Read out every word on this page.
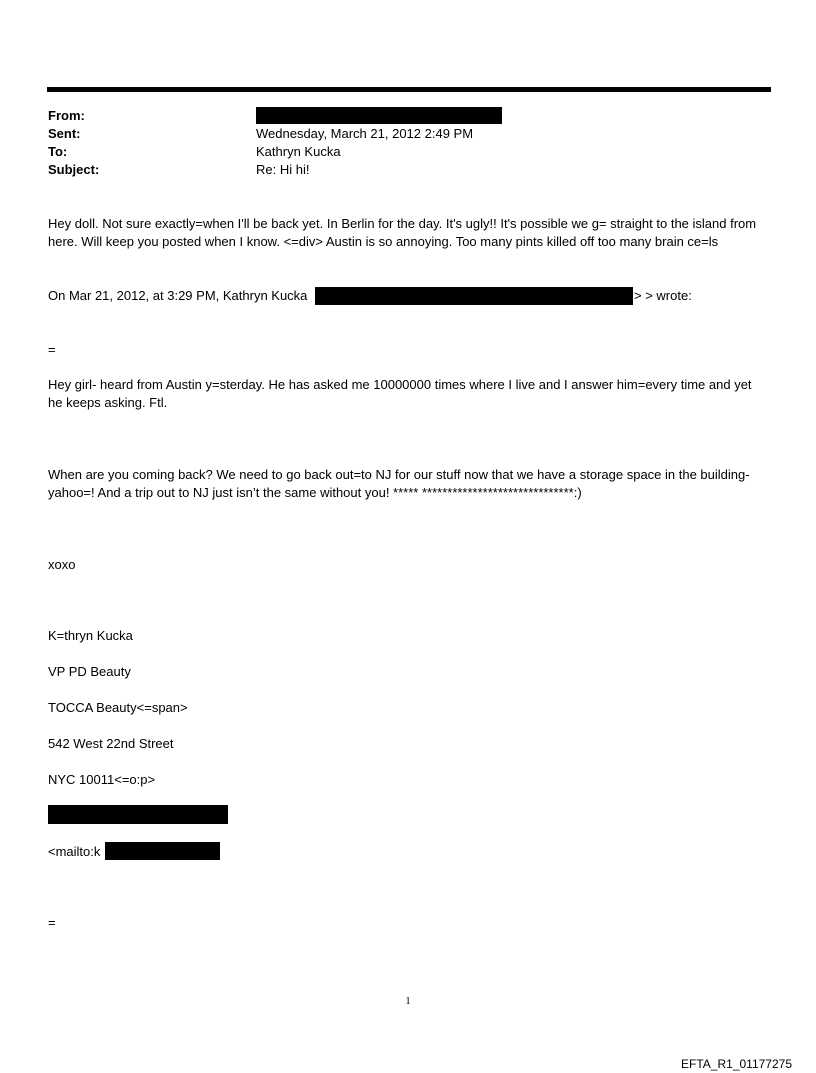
From:
Sent:	Wednesday, March 21, 2012 2:49 PM
To:	Kathryn Kucka
Subject:	Re: Hi hi!

Hey doll. Not sure exactly=when I'll be back yet. In Berlin for the day. It's ugly!! It's possible we g= straight to the island from here. Will keep you posted when I know. <=div> Austin is so annoying. Too many pints killed off too many brain ce=ls

On Mar 21, 2012, at 3:29 PM, Kathryn Kucka	> > wrote:
=

Hey girl- heard from Austin y=sterday. He has asked me 10000000 times where I live and I answer him=every time and yet he keeps asking. Ftl.

When are you coming back? We need to go back out=to NJ for our stuff now that we have a storage space in the building- yahoo=! And a trip out to NJ just isn’t the same without you! ***** ******************************:)

xoxo
K=thryn Kucka
VP PD Beauty
TOCCA Beauty<=span>
542 West 22nd Street
NYC 10011<=o:p>
<mailto:k
=
1
EFTA_R1_01177275
